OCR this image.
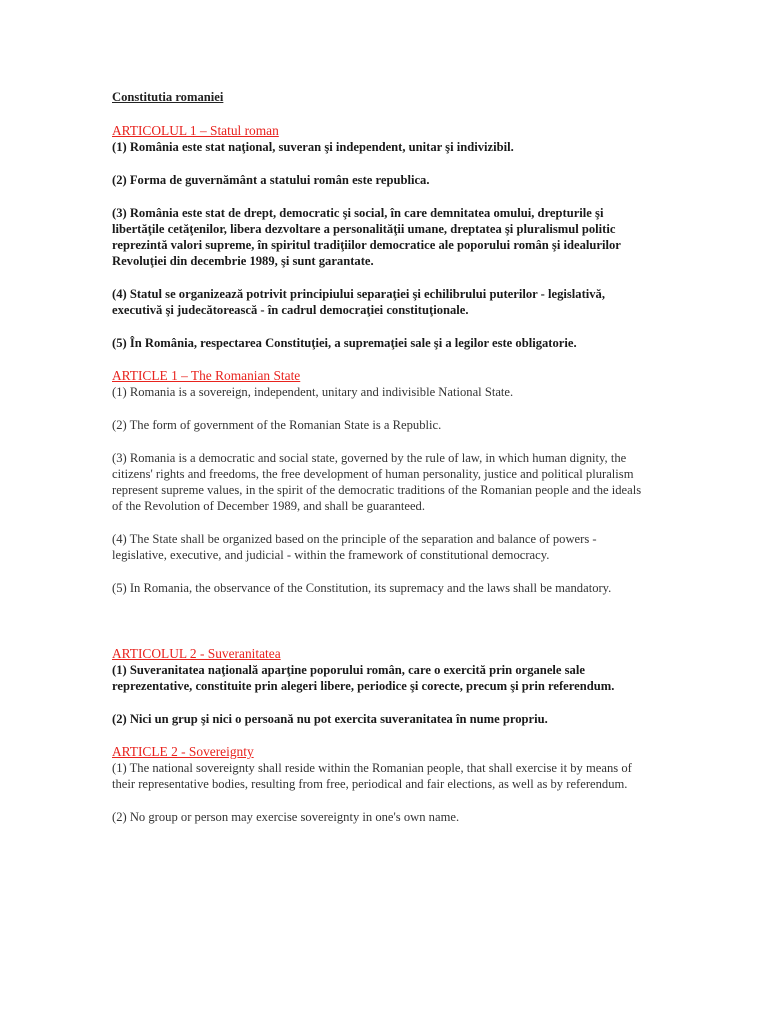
Constitutia romaniei
ARTICOLUL 1 – Statul roman

(1) România este stat naţional, suveran şi independent, unitar şi indivizibil.

(2) Forma de guvernământ a statului român este republica.

(3) România este stat de drept, democratic şi social, în care demnitatea omului, drepturile şi libertăţile cetăţenilor, libera dezvoltare a personalităţii umane, dreptatea şi pluralismul politic reprezintă valori supreme, în spiritul tradiţiilor democratice ale poporului român şi idealurilor Revoluţiei din decembrie 1989, şi sunt garantate.

(4) Statul se organizează potrivit principiului separaţiei şi echilibrului puterilor - legislativă, executivă şi judecătorească - în cadrul democraţiei constituţionale.

(5) În România, respectarea Constituţiei, a supremaţiei sale şi a legilor este obligatorie.

ARTICLE 1 – The Romanian State

(1) Romania is a sovereign, independent, unitary and indivisible National State.

(2) The form of government of the Romanian State is a Republic.

(3) Romania is a democratic and social state, governed by the rule of law, in which human dignity, the citizens' rights and freedoms, the free development of human personality, justice and political pluralism represent supreme values, in the spirit of the democratic traditions of the Romanian people and the ideals of the Revolution of December 1989, and shall be guaranteed.

(4) The State shall be organized based on the principle of the separation and balance of powers -legislative, executive, and judicial - within the framework of constitutional democracy.

(5) In Romania, the observance of the Constitution, its supremacy and the laws shall be mandatory.

ARTICOLUL 2 - Suveranitatea

(1) Suveranitatea naţională aparţine poporului român, care o exercită prin organele sale reprezentative, constituite prin alegeri libere, periodice şi corecte, precum şi prin referendum.

(2) Nici un grup şi nici o persoană nu pot exercita suveranitatea în nume propriu.

ARTICLE 2 - Sovereignty

(1) The national sovereignty shall reside within the Romanian people, that shall exercise it by means of their representative bodies, resulting from free, periodical and fair elections, as well as by referendum.

(2) No group or person may exercise sovereignty in one's own name.
